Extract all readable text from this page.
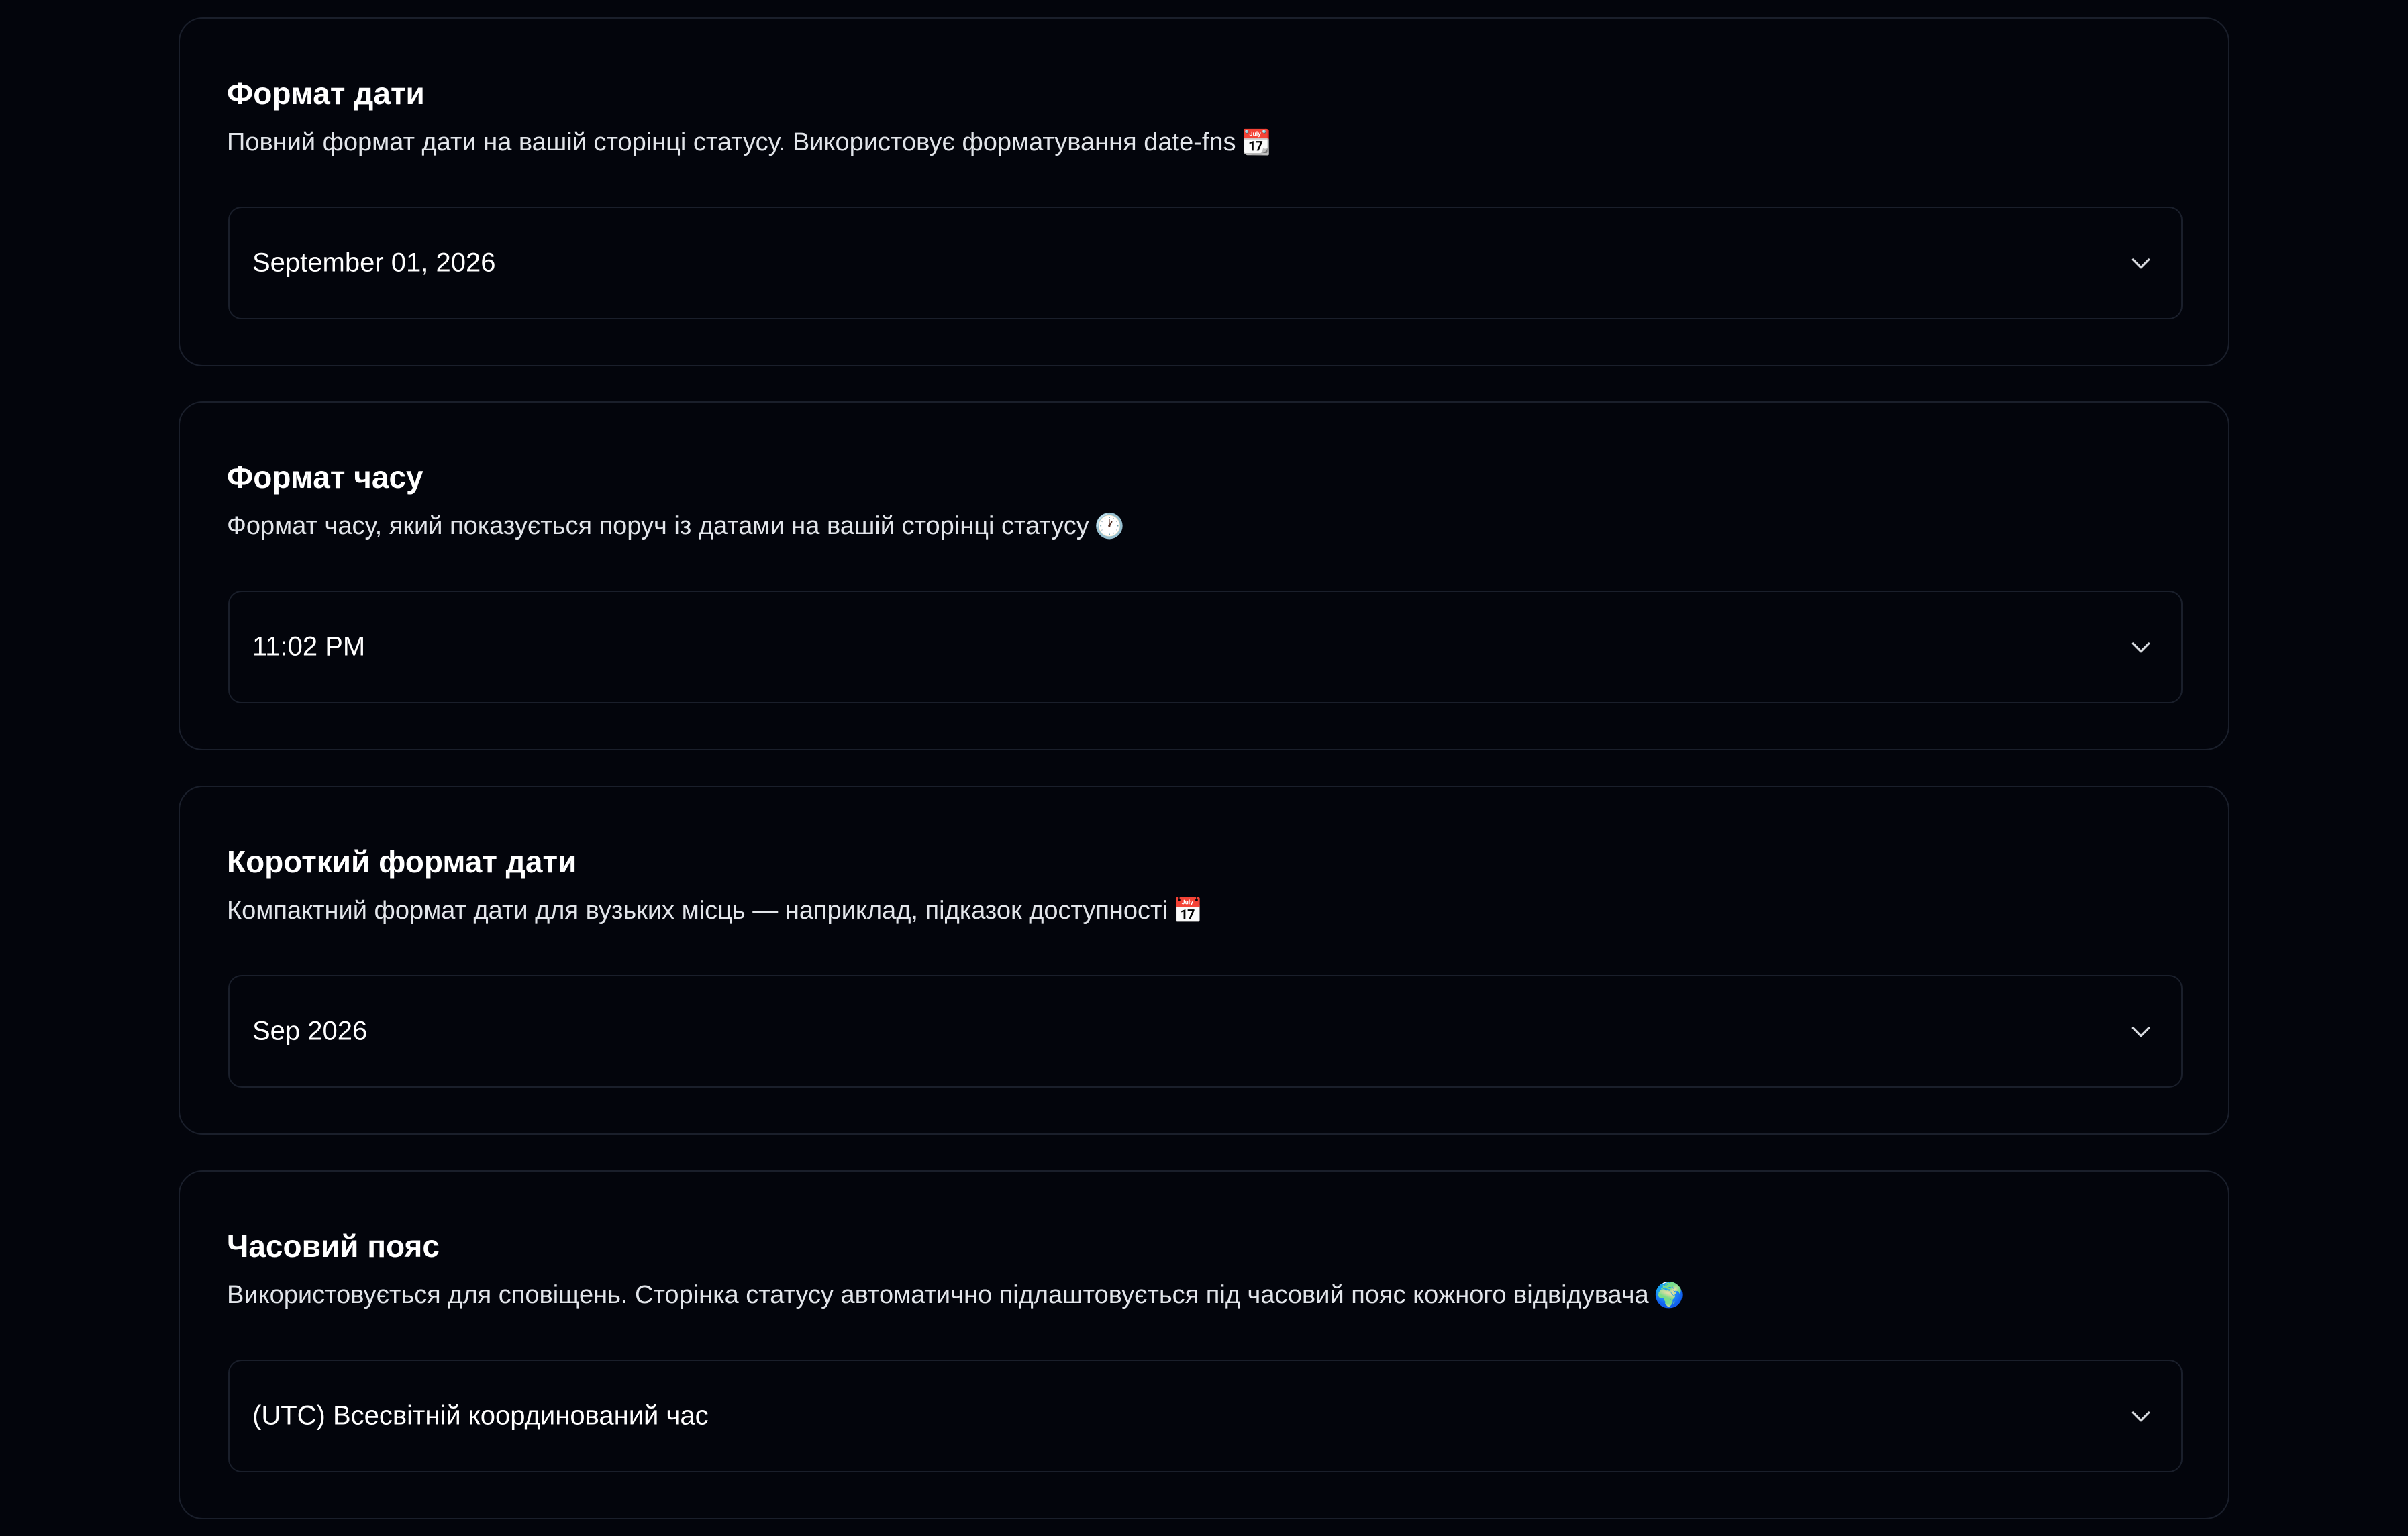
Формат дати

Повний формат дати на вашій сторінці статусу. Використовує форматування date-fns 📆

September 01, 2026
Формат часу

Формат часу, який показується поруч із датами на вашій сторінці статусу 🕐

11:02 PM
Короткий формат дати

Компактний формат дати для вузьких місць — наприклад, підказок доступності 📅

Sep 2026
Часовий пояс

Використовується для сповіщень. Сторінка статусу автоматично підлаштовується під часовий пояс кожного відвідувача 🌍

(UTC) Всесвітній координований час
